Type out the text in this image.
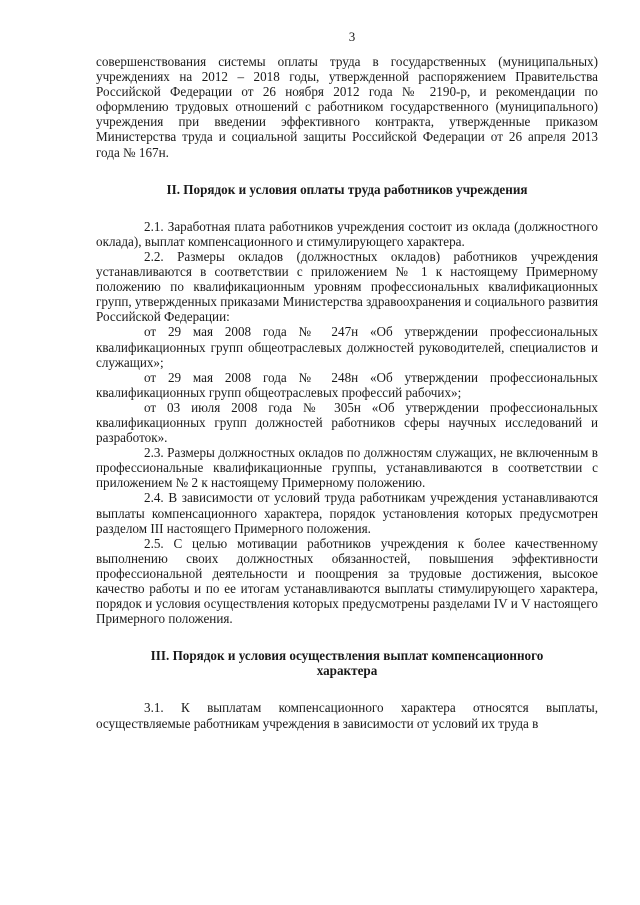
3

совершенствования системы оплаты труда в государственных (муниципальных) учреждениях на 2012 – 2018 годы, утвержденной распоряжением Правительства Российской Федерации от 26 ноября 2012 года № 2190-р, и рекомендации по оформлению трудовых отношений с работником государственного (муниципального) учреждения при введении эффективного контракта, утвержденные приказом Министерства труда и социальной защиты Российской Федерации от 26 апреля 2013 года № 167н.

II. Порядок и условия оплаты труда работников учреждения

2.1. Заработная плата работников учреждения состоит из оклада (должностного оклада), выплат компенсационного и стимулирующего характера.

2.2. Размеры окладов (должностных окладов) работников учреждения устанавливаются в соответствии с приложением № 1 к настоящему Примерному положению по квалификационным уровням профессиональных квалификационных групп, утвержденных приказами Министерства здравоохранения и социального развития Российской Федерации:

от 29 мая 2008 года № 247н «Об утверждении профессиональных квалификационных групп общеотраслевых должностей руководителей, специалистов и служащих»;

от 29 мая 2008 года № 248н «Об утверждении профессиональных квалификационных групп общеотраслевых профессий рабочих»;

от 03 июля 2008 года № 305н «Об утверждении профессиональных квалификационных групп должностей работников сферы научных исследований и разработок».

2.3. Размеры должностных окладов по должностям служащих, не включенным в профессиональные квалификационные группы, устанавливаются в соответствии с приложением № 2 к настоящему Примерному положению.

2.4. В зависимости от условий труда работникам учреждения устанавливаются выплаты компенсационного характера, порядок установления которых предусмотрен разделом III настоящего Примерного положения.

2.5. С целью мотивации работников учреждения к более качественному выполнению своих должностных обязанностей, повышения эффективности профессиональной деятельности и поощрения за трудовые достижения, высокое качество работы и по ее итогам устанавливаются выплаты стимулирующего характера, порядок и условия осуществления которых предусмотрены разделами IV и V настоящего Примерного положения.

III. Порядок и условия осуществления выплат компенсационного

характера

3.1. К выплатам компенсационного характера относятся выплаты, осуществляемые работникам учреждения в зависимости от условий их труда в
